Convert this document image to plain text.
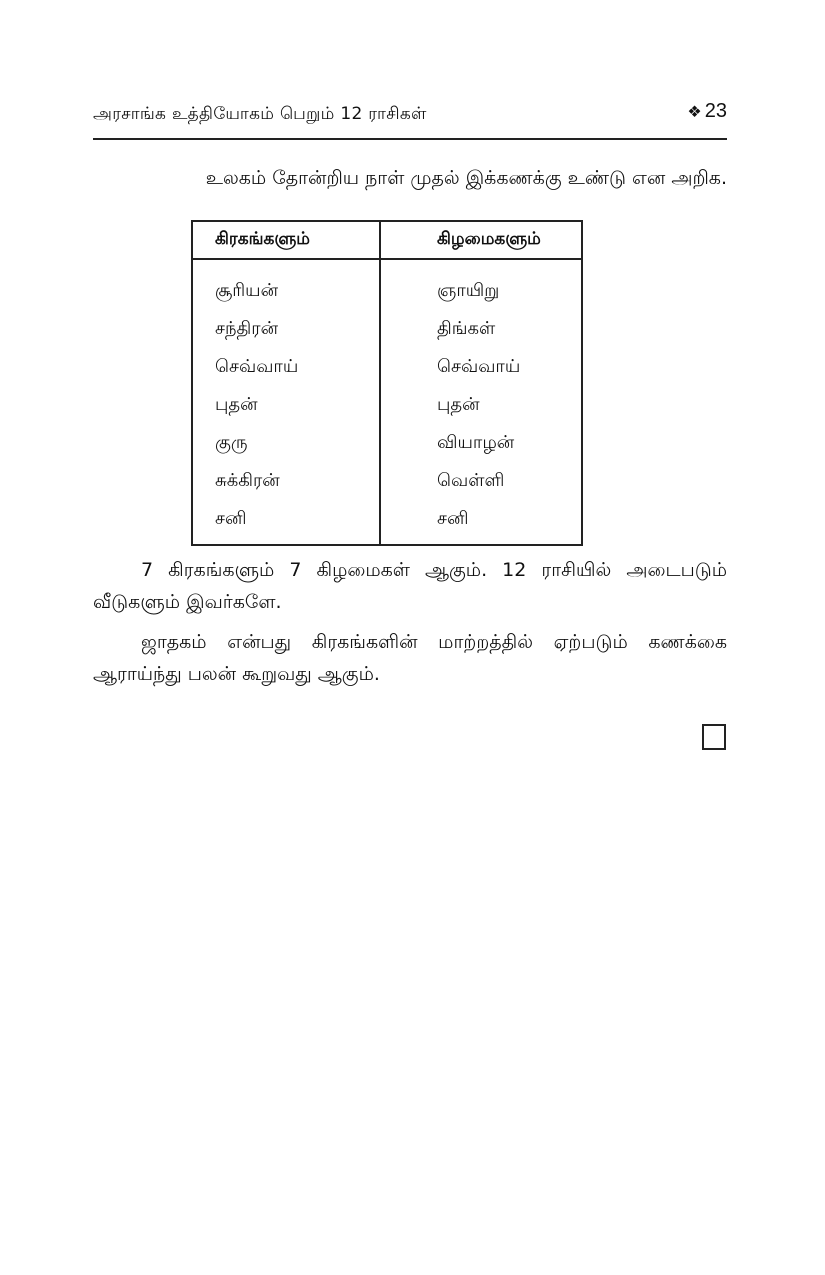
அரசாங்க உத்தியோகம் பெறும் 12 ராசிகள்	❖ 23
உலகம் தோன்றிய நாள் முதல் இக்கணக்கு உண்டு என அறிக.
கிரகங்களும்	கிழமைகளும்
சூரியன்	ஞாயிறு
சந்திரன்	திங்கள்
செவ்வாய்	செவ்வாய்
புதன்	புதன்
குரு	வியாழன்
சுக்கிரன்	வெள்ளி
சனி	சனி
7 கிரகங்களும் 7 கிழமைகள் ஆகும். 12 ராசியில் அடைபடும் வீடுகளும் இவர்களே.
ஜாதகம் என்பது கிரகங்களின் மாற்றத்தில் ஏற்படும் கணக்கை ஆராய்ந்து பலன் கூறுவது ஆகும்.
